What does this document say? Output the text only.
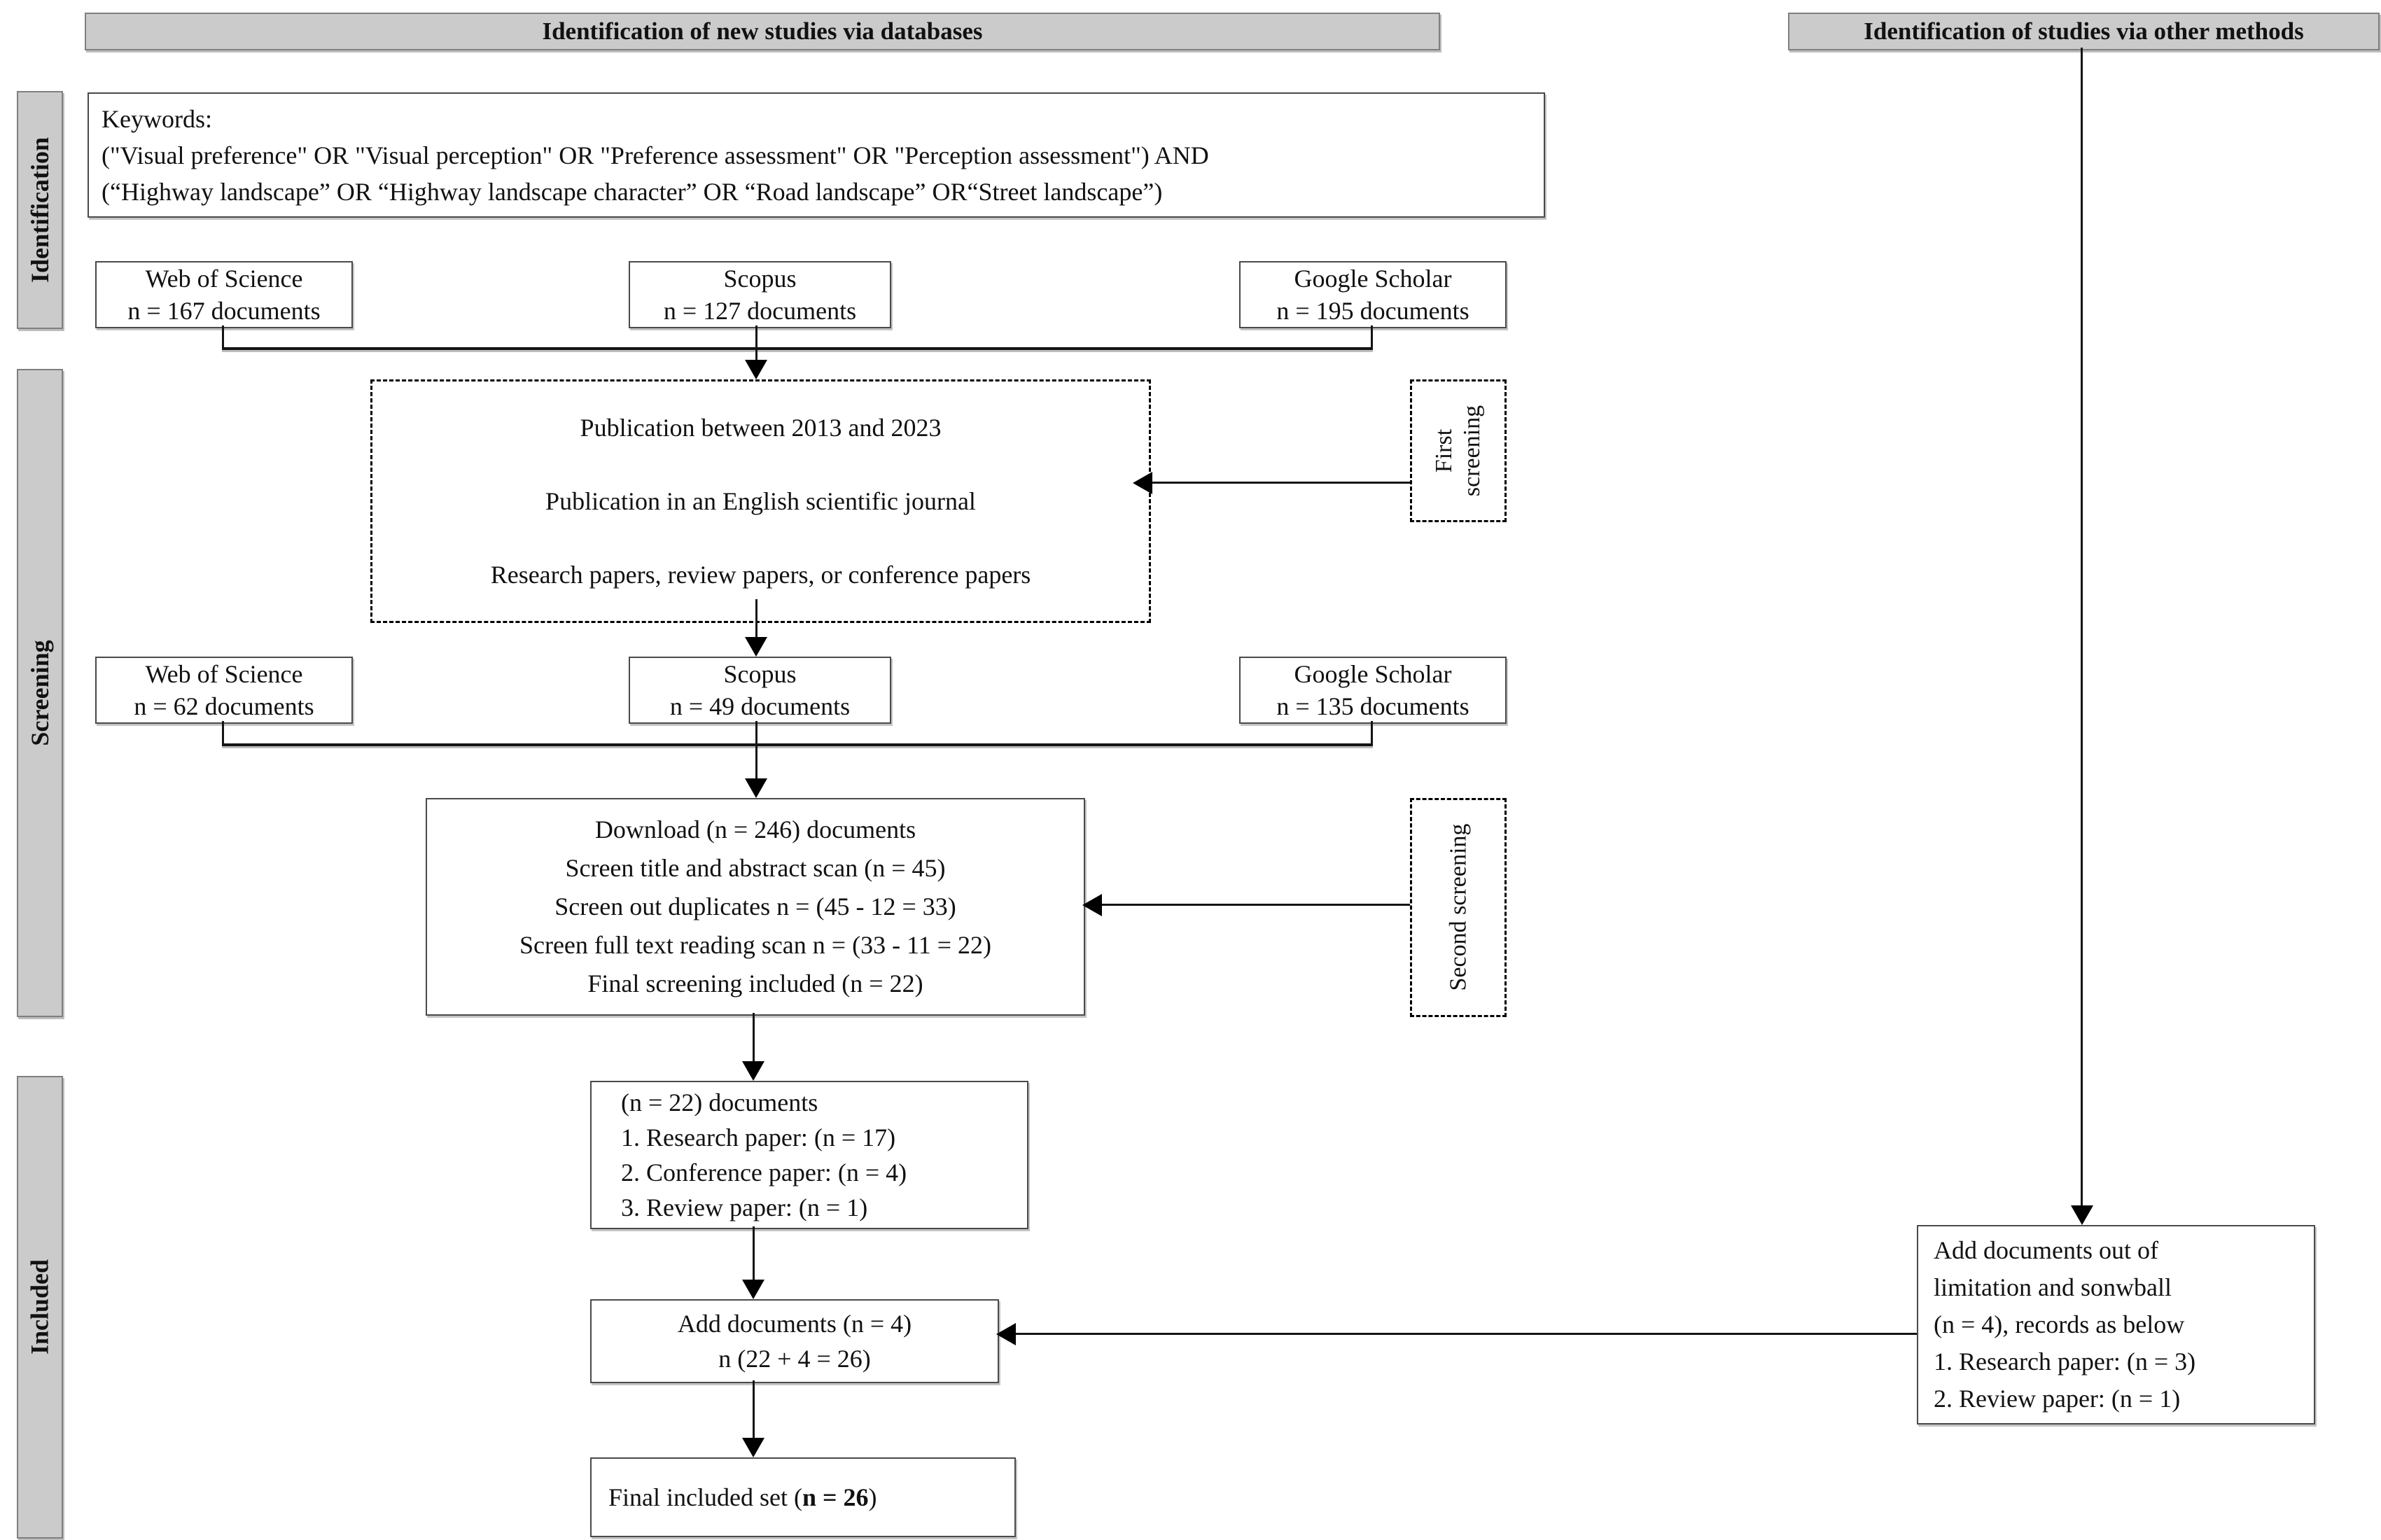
Identification of new studies via databases	Identification of studies via other methods
Identification
Screening
Included
Keywords:
("Visual preference" OR "Visual perception" OR "Preference assessment" OR "Perception assessment") AND
(“Highway landscape” OR “Highway landscape character” OR “Road landscape” OR“Street landscape”)
Web of Science
n = 167 documents
Scopus
n = 127 documents
Google Scholar
n = 195 documents
Publication between 2013 and 2023
Publication in an English scientific journal
Research papers, review papers, or conference papers
First screening
Web of Science
n = 62 documents
Scopus
n = 49 documents
Google Scholar
n = 135 documents
Download (n = 246) documents
Screen title and abstract scan (n = 45)
Screen out duplicates n = (45 - 12 = 33)
Screen full text reading scan n = (33 - 11 = 22)
Final screening included (n = 22)	Second screening
(n = 22) documents
1. Research paper: (n = 17)
2. Conference paper: (n = 4)
3. Review paper: (n = 1)
Add documents (n = 4)
n (22 + 4 = 26)
Final included set (n = 26)
Add documents out of
limitation and sonwball
(n = 4), records as below
1. Research paper: (n = 3)
2. Review paper: (n = 1)
